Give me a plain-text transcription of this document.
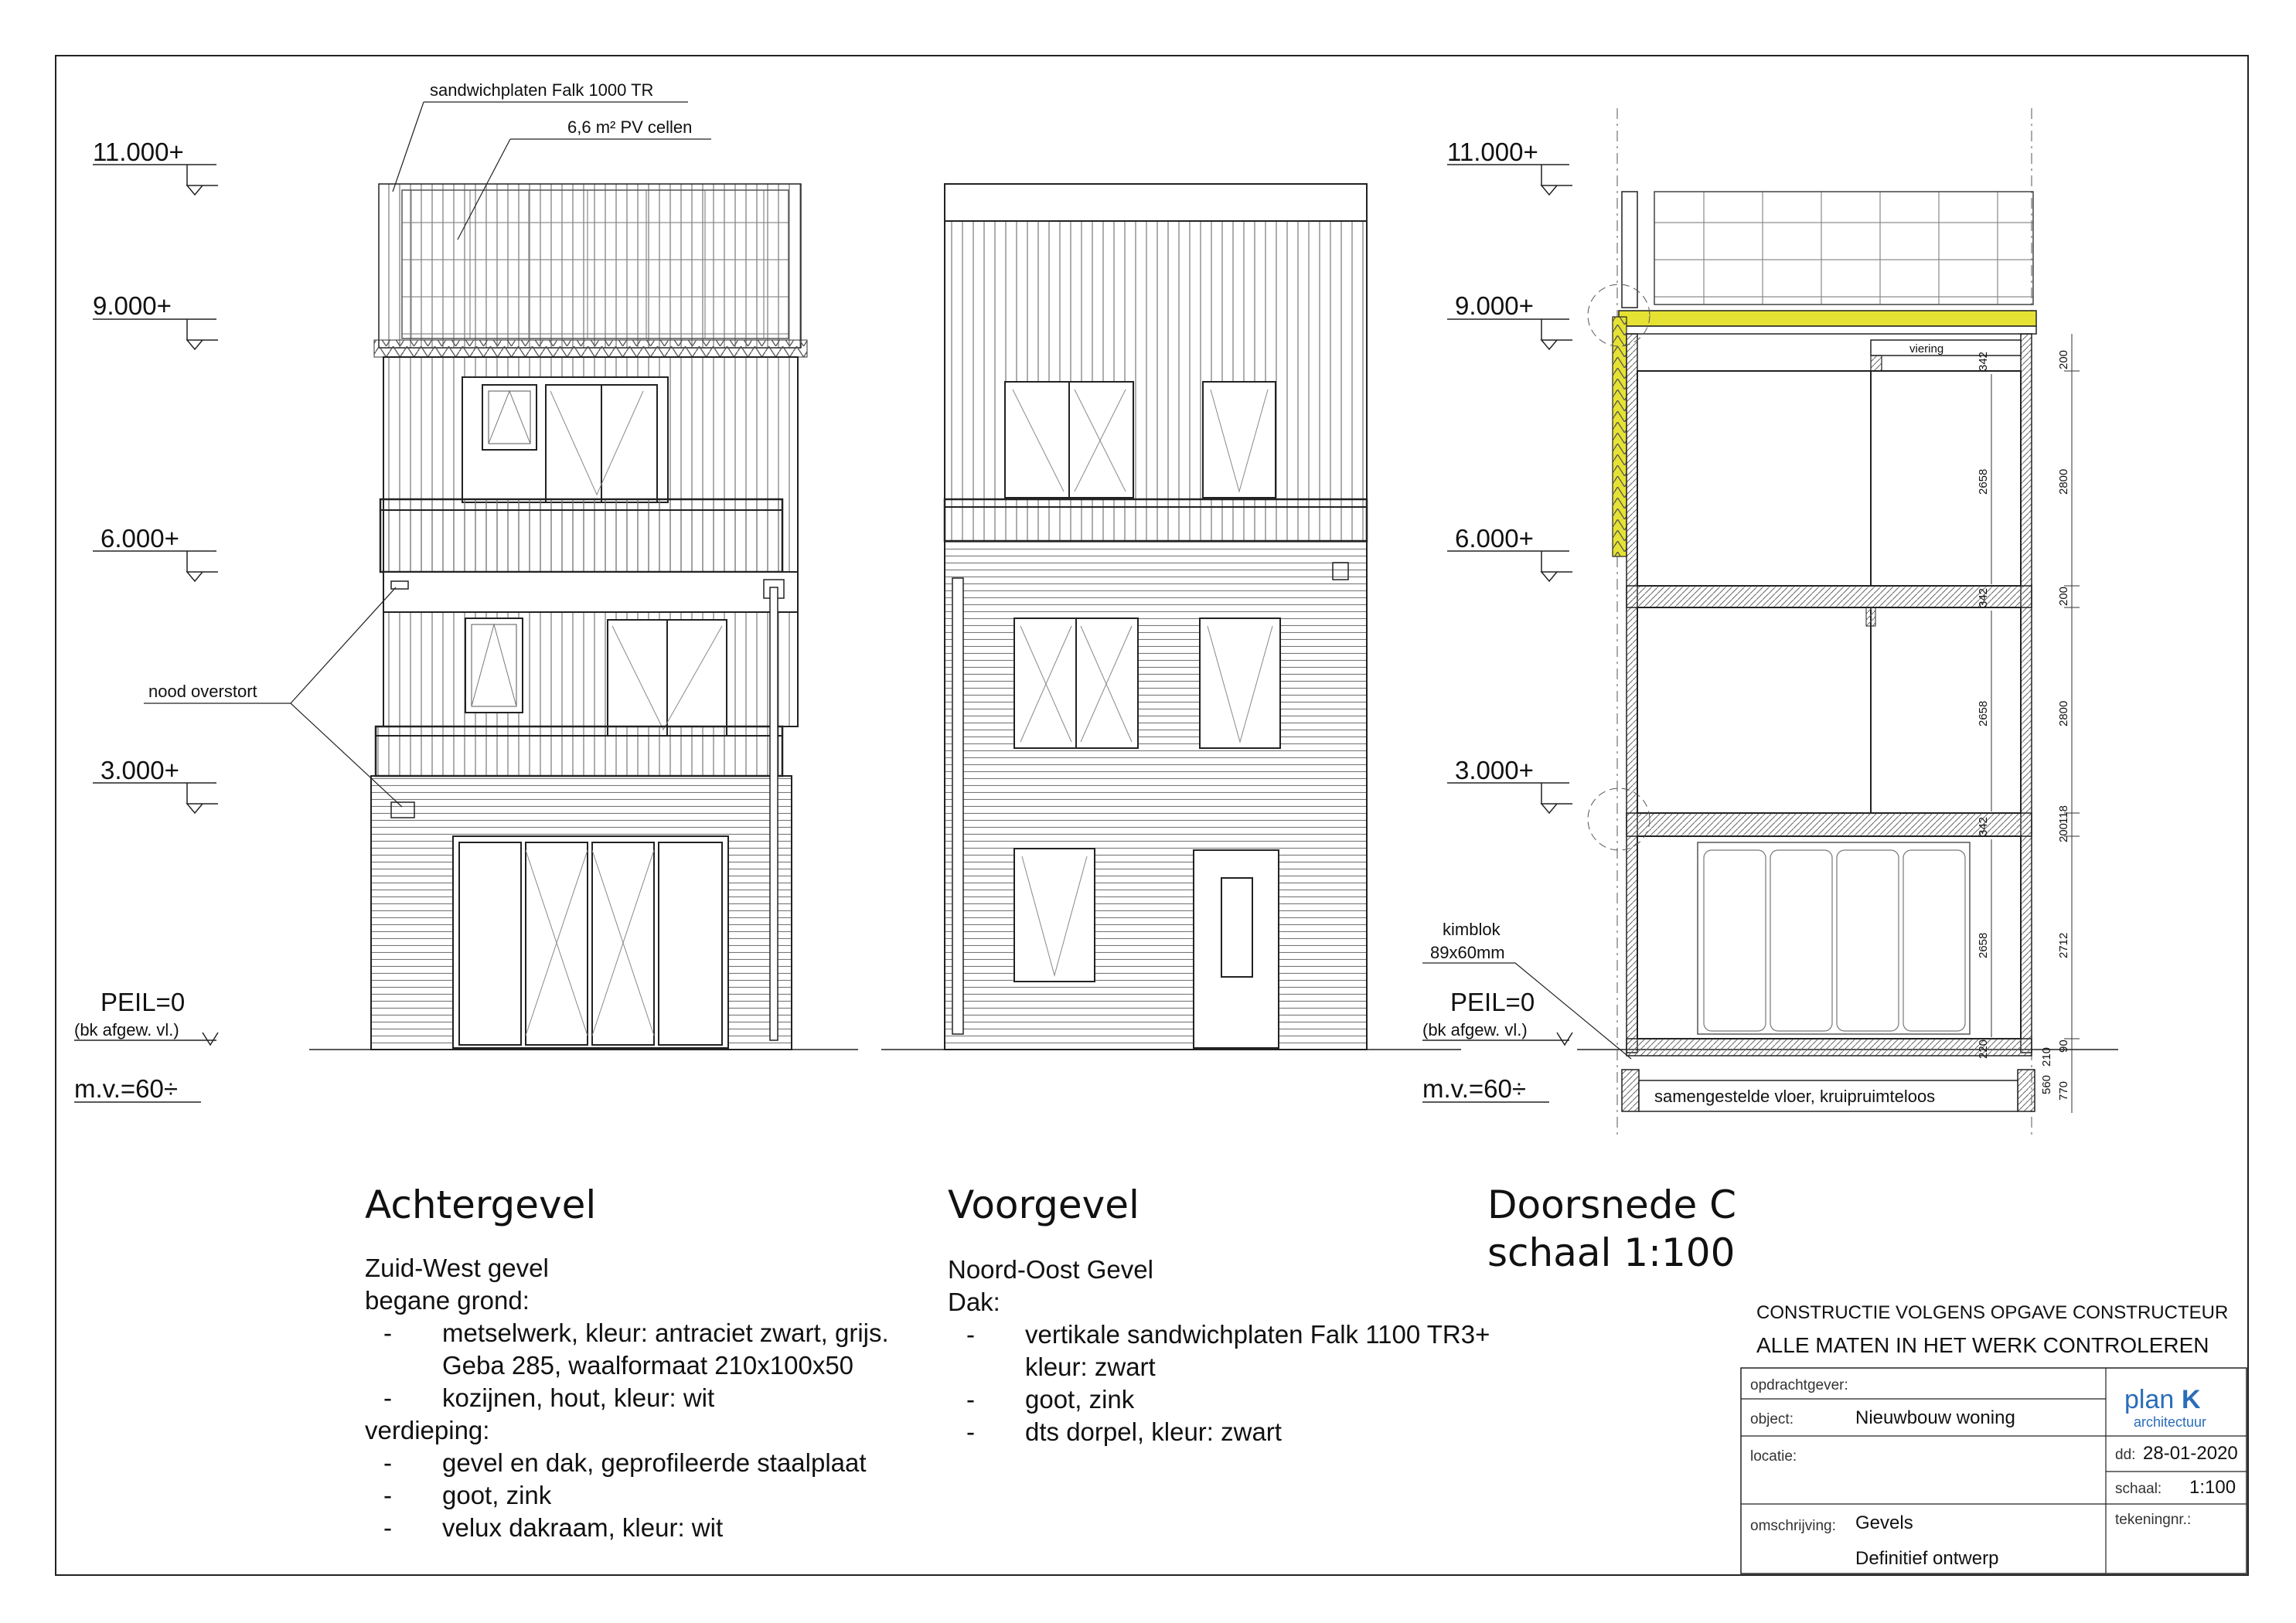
11.000+
9.000+
6.000+
3.000+
PEIL=0
(bk afgew. vl.)
m.v.=60÷
sandwichplaten Falk 1000 TR
6,6 m² PV cellen
nood overstort
11.000+
9.000+
6.000+
3.000+
PEIL=0
(bk afgew. vl.)
m.v.=60÷
viering
samengestelde vloer, kruipruimteloos
kimblok
89x60mm
2658
2658
2658
342
342
342
200
2800
200
2800
118
200
2712
90
770
210
560
220
Achtergevel	Voorgevel	Doorsnede C
schaal 1:100
Zuid-West gevel
begane grond:
- metselwerk, kleur: antraciet zwart, grijs.
Geba 285, waalformaat 210x100x50
- kozijnen, hout, kleur: wit
verdieping:
- gevel en dak, geprofileerde staalplaat
- goot, zink
- velux dakraam, kleur: wit
Noord-Oost Gevel
Dak:
- vertikale sandwichplaten Falk 1100 TR3+
kleur: zwart
- goot, zink
- dts dorpel, kleur: zwart
CONSTRUCTIE VOLGENS OPGAVE CONSTRUCTEUR
ALLE MATEN IN HET WERK CONTROLEREN
opdrachtgever:
object:	Nieuwbouw woning
locatie:
omschrijving: Gevels
Definitief ontwerp
plan K
architectuur
dd: 28-01-2020
schaal: 1:100
tekeningnr.:
